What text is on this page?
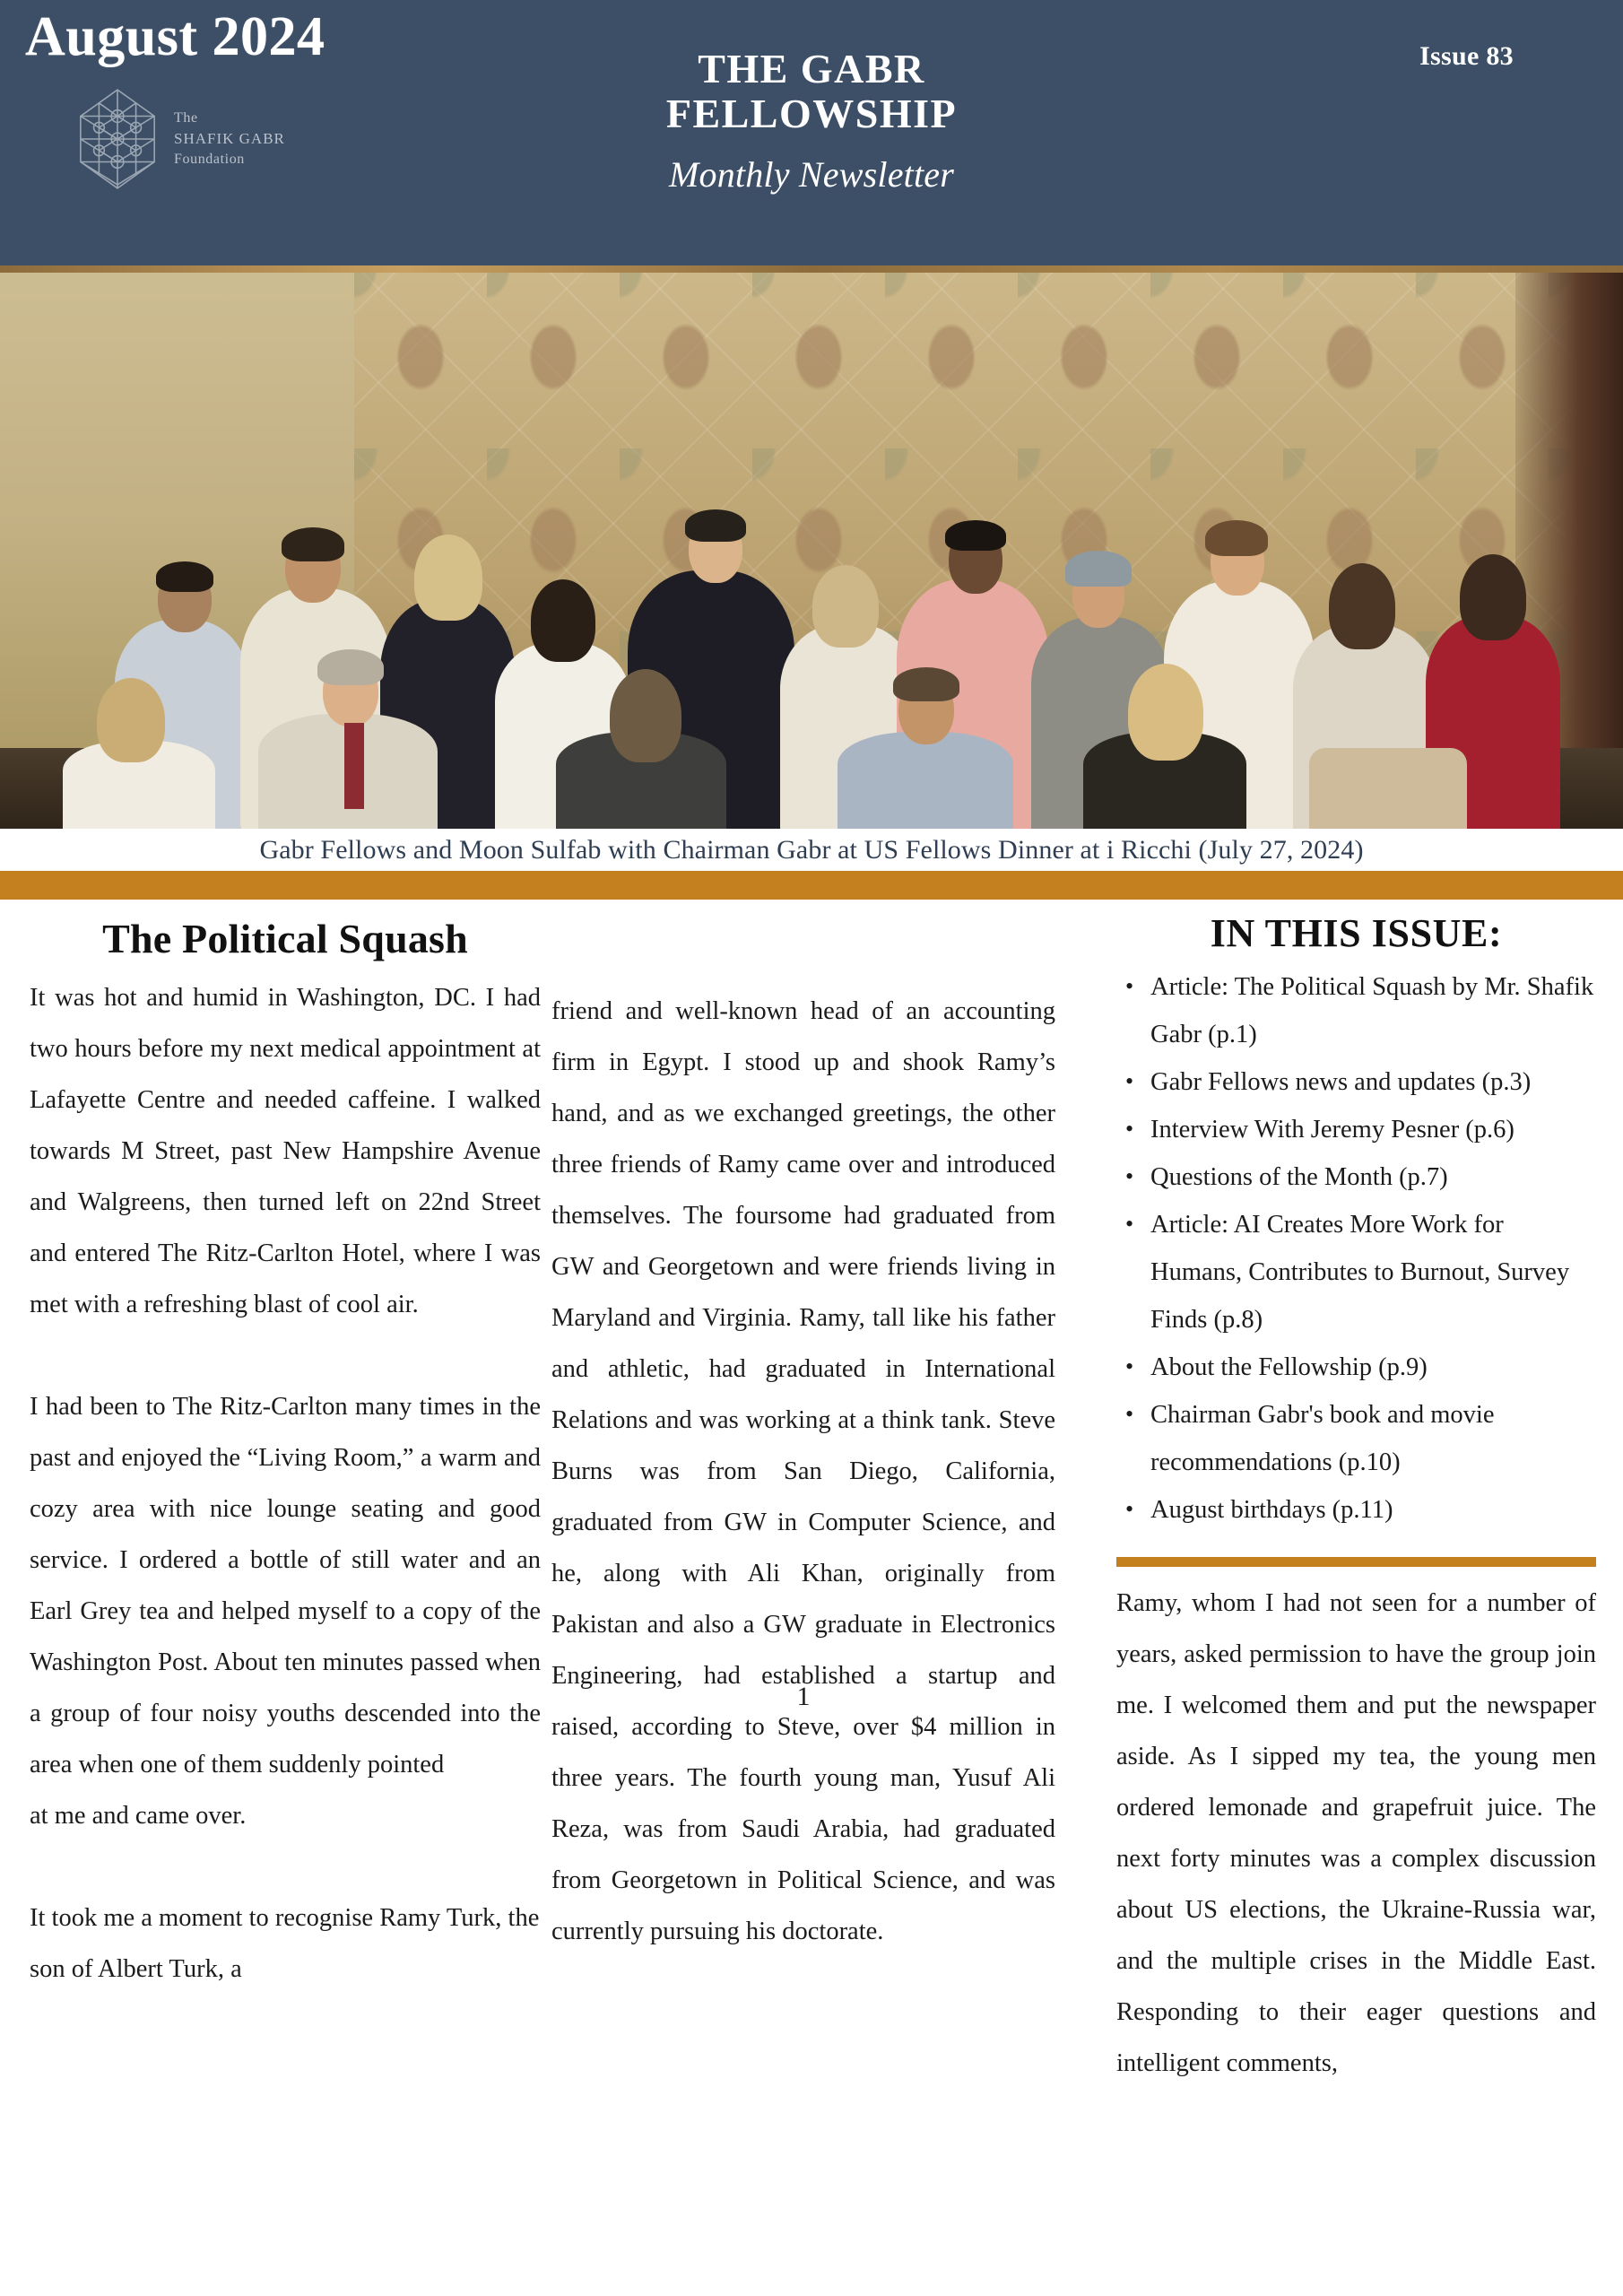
August 2024
The
SHAFIK GABR
Foundation
THE GABR
FELLOWSHIP
Monthly Newsletter
Issue 83
Gabr Fellows and Moon Sulfab with Chairman Gabr at US Fellows Dinner at i Ricchi (July 27, 2024)
The Political Squash

It was hot and humid in Washington, DC. I had two hours before my next medical appointment at Lafayette Centre and needed caffeine. I walked towards M Street, past New Hampshire Avenue and Walgreens, then turned left on 22nd Street and entered The Ritz-Carlton Hotel, where I was met with a refreshing blast of cool air.

I had been to The Ritz-Carlton many times in the past and enjoyed the “Living Room,” a warm and cozy area with nice lounge seating and good service. I ordered a bottle of still water and an Earl Grey tea and helped myself to a copy of the Washington Post. About ten minutes passed when a group of four noisy youths descended into the area when one of them suddenly pointed

at me and came over.

It took me a moment to recognise Ramy Turk, the son of Albert Turk, a

friend and well-known head of an accounting firm in Egypt. I stood up and shook Ramy’s hand, and as we exchanged greetings, the other three friends of Ramy came over and introduced themselves. The foursome had graduated from GW and Georgetown and were friends living in Maryland and Virginia. Ramy, tall like his father and athletic, had graduated in International Relations and was working at a think tank. Steve Burns was from San Diego, California, graduated from GW in Computer Science, and he, along with Ali Khan, originally from Pakistan and also a GW graduate in Electronics Engineering, had established a startup and raised, according to Steve, over $4 million in three years. The fourth young man, Yusuf Ali Reza, was from Saudi Arabia, had graduated from Georgetown in Political Science, and was currently pursuing his doctorate.

IN THIS ISSUE:
• Article: The Political Squash by Mr. Shafik Gabr (p.1)
• Gabr Fellows news and updates (p.3)
• Interview With Jeremy Pesner (p.6)
• Questions of the Month (p.7)
• Article: AI Creates More Work for Humans, Contributes to Burnout, Survey Finds (p.8)
• About the Fellowship (p.9)
• Chairman Gabr's book and movie recommendations (p.10)
• August birthdays (p.11)

Ramy, whom I had not seen for a number of years, asked permission to have the group join me. I welcomed them and put the newspaper aside. As I sipped my tea, the young men ordered lemonade and grapefruit juice. The next forty minutes was a complex discussion about US elections, the Ukraine-Russia war, and the multiple crises in the Middle East. Responding to their eager questions and intelligent comments,

1
